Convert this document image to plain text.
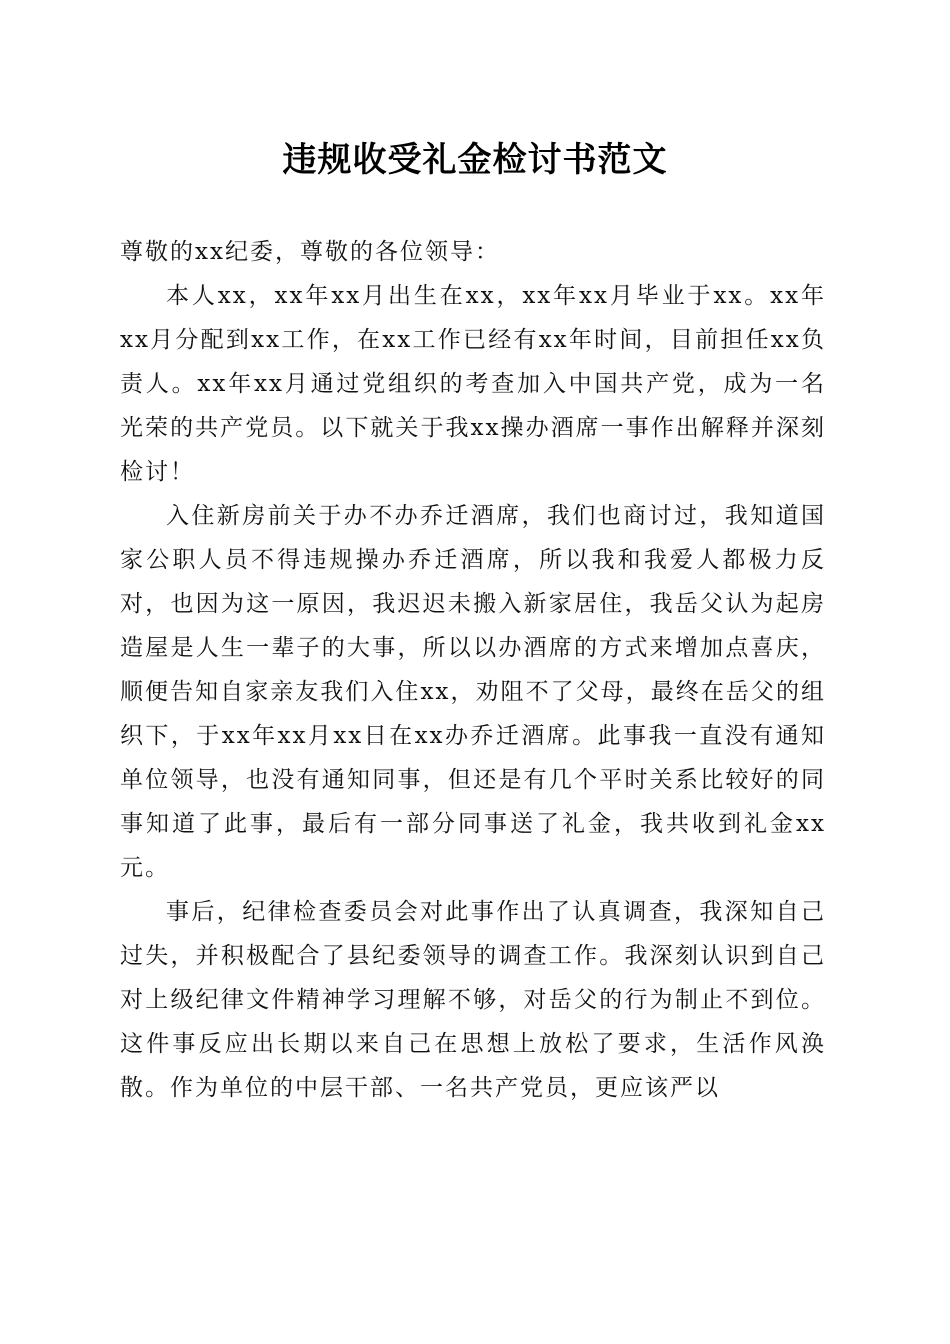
违规收受礼金检讨书范文

尊敬的xx纪委，尊敬的各位领导：

本人xx，xx年xx月出生在xx，xx年xx月毕业于xx。xx年xx月分配到xx工作，在xx工作已经有xx年时间，目前担任xx负责人。xx年xx月通过党组织的考查加入中国共产党，成为一名光荣的共产党员。以下就关于我xx操办酒席一事作出解释并深刻检讨！

入住新房前关于办不办乔迁酒席，我们也商讨过，我知道国家公职人员不得违规操办乔迁酒席，所以我和我爱人都极力反对，也因为这一原因，我迟迟未搬入新家居住，我岳父认为起房造屋是人生一辈子的大事，所以以办酒席的方式来增加点喜庆，顺便告知自家亲友我们入住xx，劝阻不了父母，最终在岳父的组织下，于xx年xx月xx日在xx办乔迁酒席。此事我一直没有通知单位领导，也没有通知同事，但还是有几个平时关系比较好的同事知道了此事，最后有一部分同事送了礼金，我共收到礼金xx元。

事后，纪律检查委员会对此事作出了认真调查，我深知自己过失，并积极配合了县纪委领导的调查工作。我深刻认识到自己对上级纪律文件精神学习理解不够，对岳父的行为制止不到位。这件事反应出长期以来自己在思想上放松了要求，生活作风涣散。作为单位的中层干部、一名共产党员，更应该严以
